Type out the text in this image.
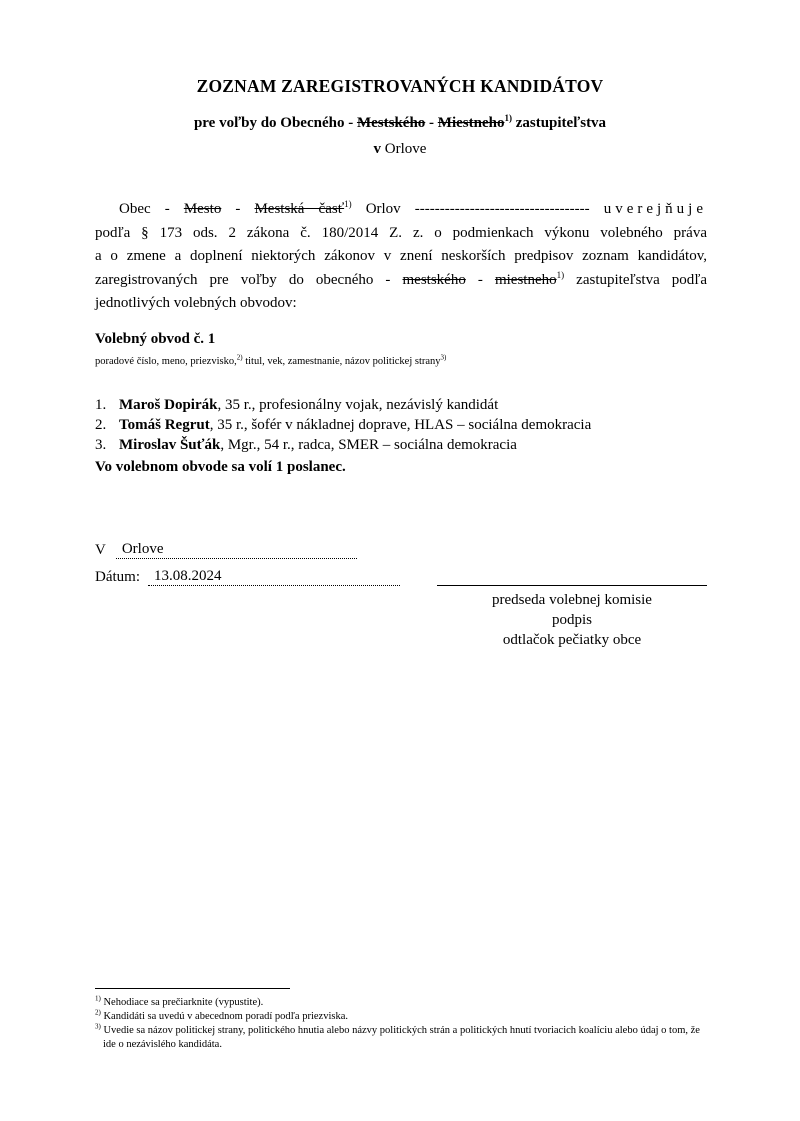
ZOZNAM ZAREGISTROVANÝCH KANDIDÁTOV
pre voľby do Obecného - Mestského - Miestneho$^{1)}$ zastupiteľstva
v Orlove
Obec - Mesto - Mestská časť$^{1)}$ Orlov ----------------------------------- uverejňuje
podľa § 173 ods. 2 zákona č. 180/2014 Z. z. o podmienkach výkonu volebného práva
a o zmene a doplnení niektorých zákonov v znení neskorších predpisov zoznam kandidátov,
zaregistrovaných pre voľby do obecného - mestského - miestneho$^{1)}$ zastupiteľstva podľa
jednotlivých volebných obvodov:
Volebný obvod č. 1
poradové číslo, meno, priezvisko,$^{2)}$ titul, vek, zamestnanie, názov politickej strany$^{3)}$
1. Maroš Dopirák, 35 r., profesionálny vojak, nezávislý kandidát
2. Tomáš Regrut, 35 r., šofér v nákladnej doprave, HLAS – sociálna demokracia
3. Miroslav Šuťák, Mgr., 54 r., radca, SMER – sociálna demokracia
Vo volebnom obvode sa volí 1 poslanec.
V	Orlove
Dátum: 13.08.2024
predseda volebnej komisie
podpis
odtlačok pečiatky obce
$^{1)}$ Nehodiace sa prečiarknite (vypustite).
$^{2)}$ Kandidáti sa uvedú v abecednom poradí podľa priezviska.
$^{3)}$ Uvedie sa názov politickej strany, politického hnutia alebo názvy politických strán a politických hnutí tvoriacich koalíciu alebo údaj o tom, že ide o nezávislého kandidáta.
